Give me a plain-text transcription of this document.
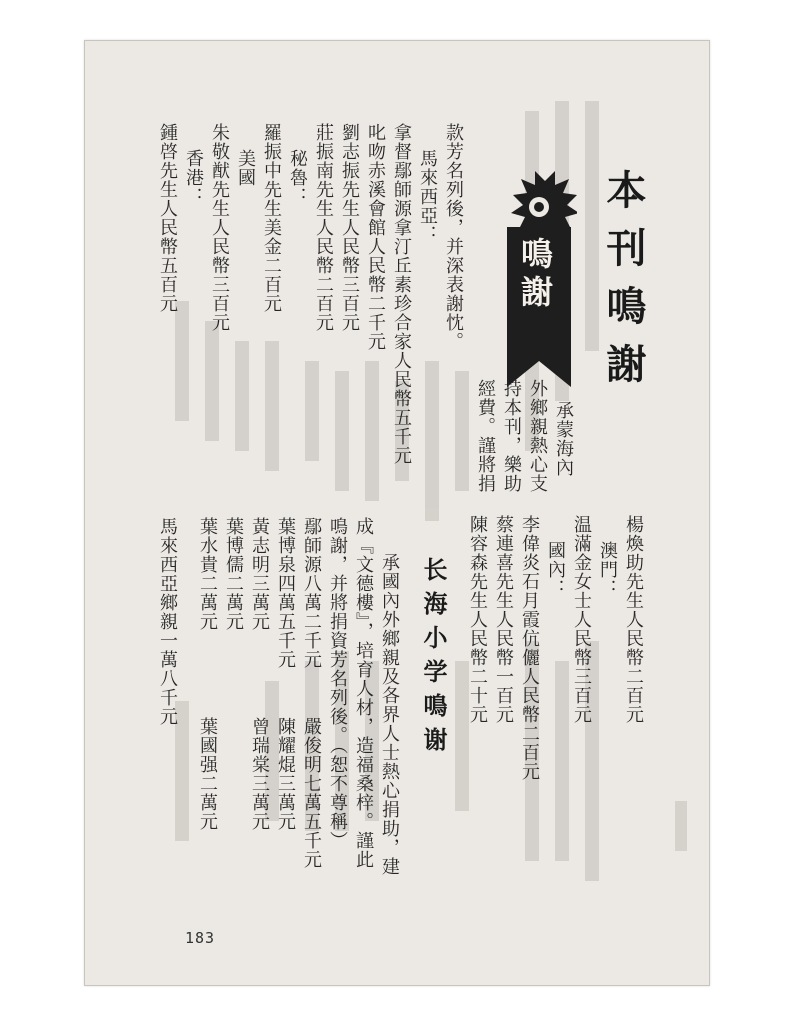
本刊鳴謝
鳴謝
承蒙海內
外鄉親熱心支
持本刊，樂助
經費。謹將捐
款芳名列後，并深表謝忱。
馬來西亞：
拿督鄢師源拿汀丘素珍合家人民幣五千元
叱吻赤溪會館人民幣二千元
劉志振先生人民幣三百元
莊振南先生人民幣二百元
秘魯：
羅振中先生美金二百元
美國
朱敬猷先生人民幣三百元
香港：
鍾啓先生人民幣五百元
楊煥助先生人民幣二百元
澳門：
温滿金女士人民幣三百元
國內：
李偉炎石月霞伉儷人民幣二百元
蔡連喜先生人民幣一百元
陳容森先生人民幣二十元
长海小学鳴谢
承國內外鄉親及各界人士熱心捐助，建
成『文德樓』，培育人材，造福桑梓。謹此
鳴謝，并將捐資芳名列後。（恕不尊稱）
鄢師源八萬二千元
葉博泉四萬五千元
黃志明三萬元
葉博儒二萬元
葉水貴二萬元
馬來西亞鄉親一萬八千元
嚴俊明七萬五千元
陳耀焜三萬元
曾瑞棠三萬元
葉國强二萬元
183
